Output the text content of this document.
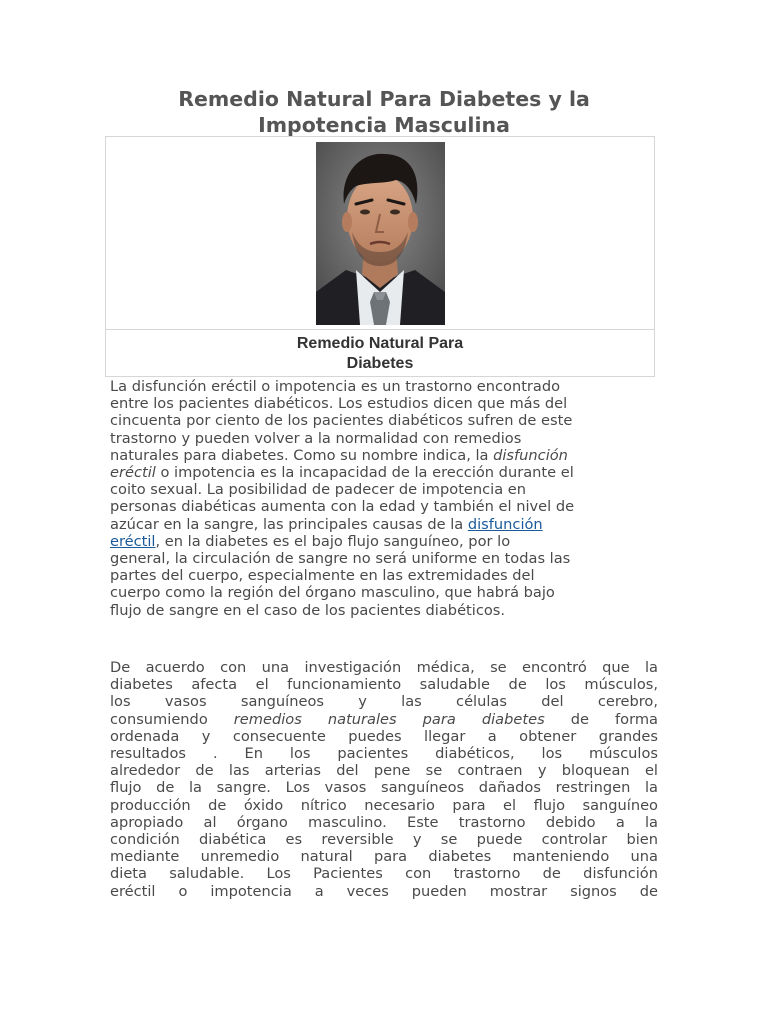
Remedio Natural Para Diabetes y la
Impotencia Masculina
Remedio Natural Para
Diabetes
La disfunción eréctil o impotencia es un trastorno encontrado
entre los pacientes diabéticos. Los estudios dicen que más del
cincuenta por ciento de los pacientes diabéticos sufren de este
trastorno y pueden volver a la normalidad con remedios
naturales para diabetes. Como su nombre indica, la disfunción
eréctil o impotencia es la incapacidad de la erección durante el
coito sexual. La posibilidad de padecer de impotencia en
personas diabéticas aumenta con la edad y también el nivel de
azúcar en la sangre, las principales causas de la disfunción
eréctil, en la diabetes es el bajo flujo sanguíneo, por lo
general, la circulación de sangre no será uniforme en todas las
partes del cuerpo, especialmente en las extremidades del
cuerpo como la región del órgano masculino, que habrá bajo
flujo de sangre en el caso de los pacientes diabéticos.
De acuerdo con una investigación médica, se encontró que la
diabetes afecta el funcionamiento saludable de los músculos,
los vasos sanguíneos y las células del cerebro,
consumiendo remedios naturales para diabetes de forma
ordenada y consecuente puedes llegar a obtener grandes
resultados . En los pacientes diabéticos, los músculos
alrededor de las arterias del pene se contraen y bloquean el
flujo de la sangre. Los vasos sanguíneos dañados restringen la
producción de óxido nítrico necesario para el flujo sanguíneo
apropiado al órgano masculino. Este trastorno debido a la
condición diabética es reversible y se puede controlar bien
mediante unremedio natural para diabetes manteniendo una
dieta saludable. Los Pacientes con trastorno de disfunción
eréctil o impotencia a veces pueden mostrar signos de
